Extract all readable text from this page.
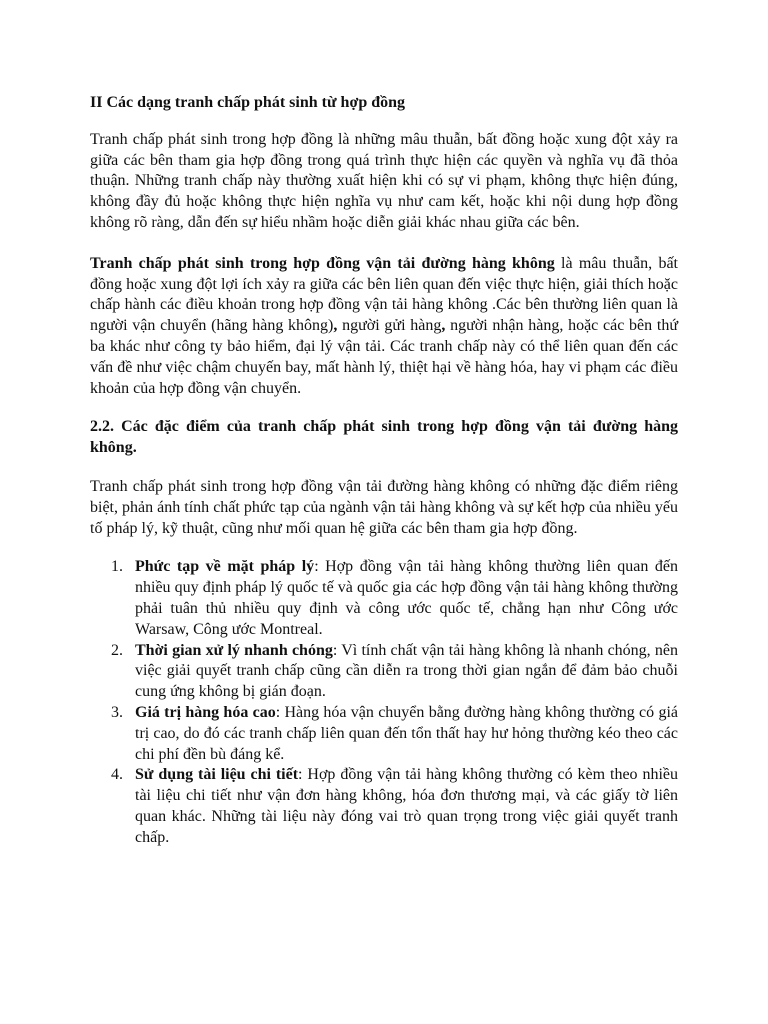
II Các dạng tranh chấp phát sinh từ hợp đồng

Tranh chấp phát sinh trong hợp đồng là những mâu thuẫn, bất đồng hoặc xung đột xảy ra giữa các bên tham gia hợp đồng trong quá trình thực hiện các quyền và nghĩa vụ đã thỏa thuận. Những tranh chấp này thường xuất hiện khi có sự vi phạm, không thực hiện đúng, không đầy đủ hoặc không thực hiện nghĩa vụ như cam kết, hoặc khi nội dung hợp đồng không rõ ràng, dẫn đến sự hiểu nhầm hoặc diễn giải khác nhau giữa các bên.

Tranh chấp phát sinh trong hợp đồng vận tải đường hàng không là mâu thuẫn, bất đồng hoặc xung đột lợi ích xảy ra giữa các bên liên quan đến việc thực hiện, giải thích hoặc chấp hành các điều khoản trong hợp đồng vận tải hàng không .Các bên thường liên quan là người vận chuyển (hãng hàng không), người gửi hàng, người nhận hàng, hoặc các bên thứ ba khác như công ty bảo hiểm, đại lý vận tải. Các tranh chấp này có thể liên quan đến các vấn đề như việc chậm chuyến bay, mất hành lý, thiệt hại về hàng hóa, hay vi phạm các điều khoản của hợp đồng vận chuyển.

2.2. Các đặc điểm của tranh chấp phát sinh trong hợp đồng vận tải đường hàng không.

Tranh chấp phát sinh trong hợp đồng vận tải đường hàng không có những đặc điểm riêng biệt, phản ánh tính chất phức tạp của ngành vận tải hàng không và sự kết hợp của nhiều yếu tố pháp lý, kỹ thuật, cũng như mối quan hệ giữa các bên tham gia hợp đồng.

1. Phức tạp về mặt pháp lý: Hợp đồng vận tải hàng không thường liên quan đến nhiều quy định pháp lý quốc tế và quốc gia các hợp đồng vận tải hàng không thường phải tuân thủ nhiều quy định và công ước quốc tế, chẳng hạn như Công ước Warsaw, Công ước Montreal.
2. Thời gian xử lý nhanh chóng: Vì tính chất vận tải hàng không là nhanh chóng, nên việc giải quyết tranh chấp cũng cần diễn ra trong thời gian ngắn để đảm bảo chuỗi cung ứng không bị gián đoạn.
3. Giá trị hàng hóa cao: Hàng hóa vận chuyển bằng đường hàng không thường có giá trị cao, do đó các tranh chấp liên quan đến tổn thất hay hư hỏng thường kéo theo các chi phí đền bù đáng kể.
4. Sử dụng tài liệu chi tiết: Hợp đồng vận tải hàng không thường có kèm theo nhiều tài liệu chi tiết như vận đơn hàng không, hóa đơn thương mại, và các giấy tờ liên quan khác. Những tài liệu này đóng vai trò quan trọng trong việc giải quyết tranh chấp.
